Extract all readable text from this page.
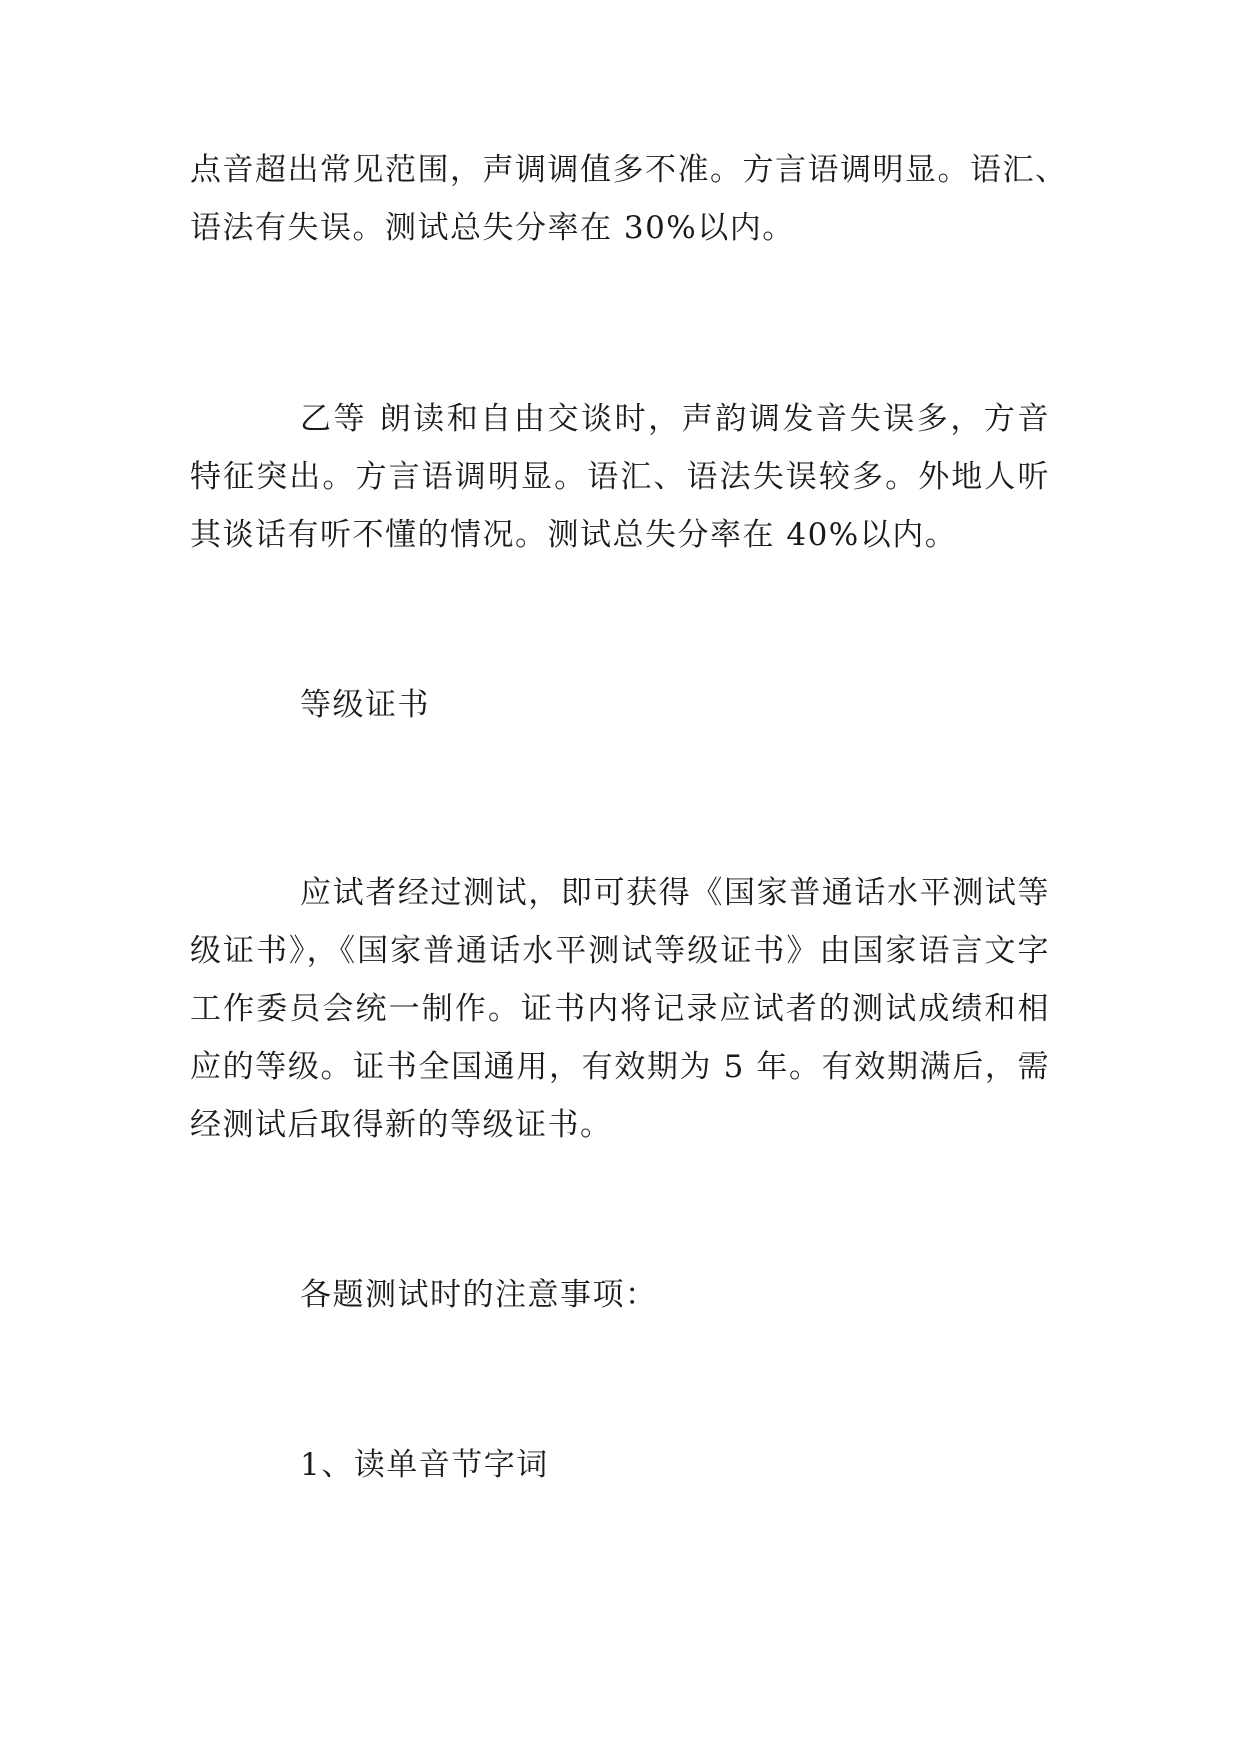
点音超出常见范围，声调调值多不准。方言语调明显。语汇、
语法有失误。测试总失分率在 30%以内。
乙等 朗读和自由交谈时，声韵调发音失误多，方音
特征突出。方言语调明显。语汇、语法失误较多。外地人听
其谈话有听不懂的情况。测试总失分率在 40%以内。
等级证书
应试者经过测试，即可获得《国家普通话水平测试等
级证书》，《国家普通话水平测试等级证书》由国家语言文字
工作委员会统一制作。证书内将记录应试者的测试成绩和相
应的等级。证书全国通用，有效期为 5 年。有效期满后，需
经测试后取得新的等级证书。
各题测试时的注意事项：
1、读单音节字词
